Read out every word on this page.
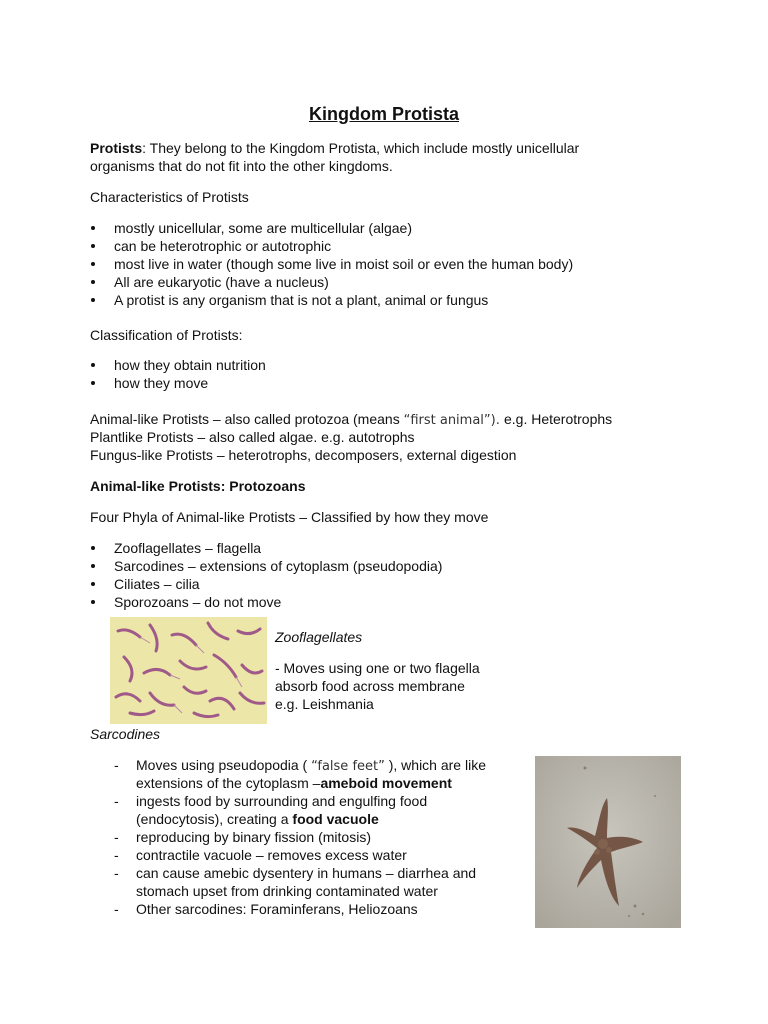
Kingdom Protista
Protists: They belong to the Kingdom Protista, which include mostly unicellular
organisms that do not fit into the other kingdoms.
Characteristics of Protists
mostly unicellular, some are multicellular (algae)
can be heterotrophic or autotrophic
most live in water (though some live in moist soil or even the human body)
All are eukaryotic (have a nucleus)
A protist is any organism that is not a plant, animal or fungus
Classification of Protists:
how they obtain nutrition
how they move
Animal-like Protists – also called protozoa (means “first animal”). e.g. Heterotrophs
Plantlike Protists – also called algae. e.g. autotrophs
Fungus-like Protists – heterotrophs, decomposers, external digestion
Animal-like Protists: Protozoans
Four Phyla of Animal-like Protists – Classified by how they move
Zooflagellates – flagella
Sarcodines – extensions of cytoplasm (pseudopodia)
Ciliates – cilia
Sporozoans – do not move
Zooflagellates
- Moves using one or two flagella
absorb food across membrane
e.g. Leishmania
Sarcodines
- Moves using pseudopodia ( “false feet” ), which are like
extensions of the cytoplasm –ameboid movement
- ingests food by surrounding and engulfing food
(endocytosis), creating a food vacuole
- reproducing by binary fission (mitosis)
- contractile vacuole – removes excess water
- can cause amebic dysentery in humans – diarrhea and
stomach upset from drinking contaminated water
- Other sarcodines: Foraminferans, Heliozoans
